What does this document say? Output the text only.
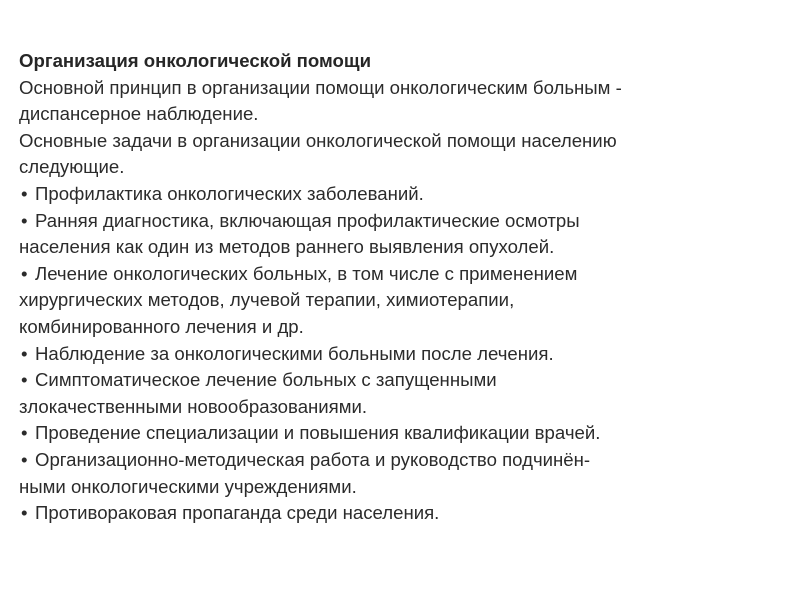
Организация онкологической помощи

Основной принцип в организации помощи онкологическим больным -

диспансерное наблюдение.

Основные задачи в организации онкологической помощи населению

следующие.

• Профилактика онкологических заболеваний.

• Ранняя диагностика, включающая профилактические осмотры

населения как один из методов раннего выявления опухолей.

• Лечение онкологических больных, в том числе с применением

хирургических методов, лучевой терапии, химиотерапии,

комбинированного лечения и др.

• Наблюдение за онкологическими больными после лечения.

• Симптоматическое лечение больных с запущенными

злокачественными новообразованиями.

• Проведение специализации и повышения квалификации врачей.

• Организационно-методическая работа и руководство подчинён-

ными онкологическими учреждениями.

• Противораковая пропаганда среди населения.
